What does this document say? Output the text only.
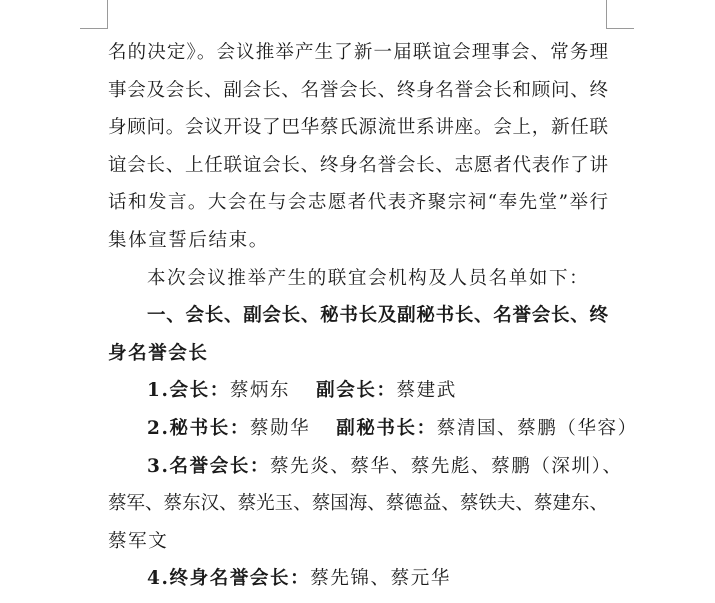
名的决定》。会议推举产生了新一届联谊会理事会、常务理
事会及会长、副会长、名誉会长、终身名誉会长和顾问、终
身顾问。会议开设了巴华蔡氏源流世系讲座。会上，新任联
谊会长、上任联谊会长、终身名誉会长、志愿者代表作了讲
话和发言。大会在与会志愿者代表齐聚宗祠“奉先堂”举行
集体宣誓后结束。
本次会议推举产生的联宜会机构及人员名单如下：
一、会长、副会长、秘书长及副秘书长、名誉会长、终
身名誉会长
1.会长：蔡炳东 副会长：蔡建武
2.秘书长：蔡勋华 副秘书长：蔡清国、蔡鹏（华容）
3.名誉会长：蔡先炎、蔡华、蔡先彪、蔡鹏（深圳）、
蔡军、蔡东汉、蔡光玉、蔡国海、蔡德益、蔡铁夫、蔡建东、
蔡军文
4.终身名誉会长：蔡先锦、蔡元华
